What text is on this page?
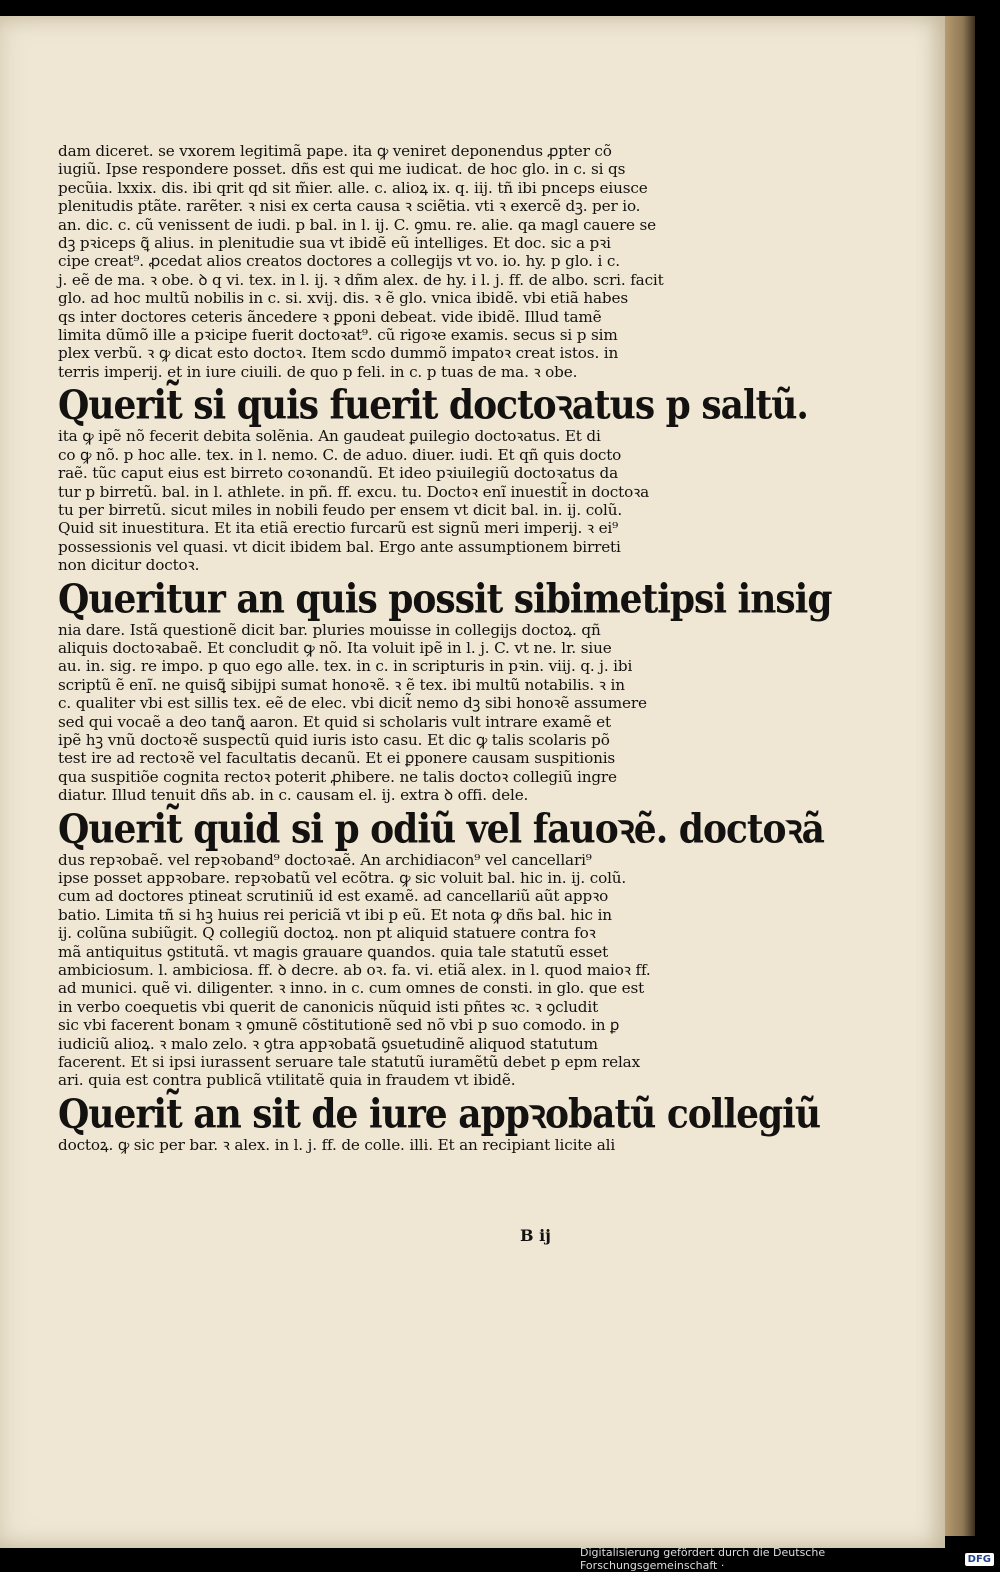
dam diceret. se vxorem legitimã pape. ita ꝙ veniret deponendus ꝓpter cõ
iugiũ. Ipse respondere posset. dñs est qui me iudicat. de hoc glo. in c. si qs
pecũia. lxxix. dis. ibi qrit qd sit m̃ier. alle. c. alioꝝ ix. q. iij. tñ ibi pnceps eiusce
plenitudis ptãte. rarẽter. ꝛ nisi ex certa causa ꝛ sciẽtia. vti ꝛ exercẽ dꝫ. per io.
an. dic. c. cũ venissent de iudi. p bal. in l. ij. C. ꝯmu. re. alie. qa magl cauere se
dꝫ pꝛiceps ꝗ̃ alius. in plenitudie sua vt ibidẽ eũ intelliges. Et doc. sic a pꝛi
cipe creat⁹. ꝓcedat alios creatos doctores a collegijs vt vo. io. hy. p glo. i c.
j. eẽ de ma. ꝛ obe. ꝺ q vi. tex. in l. ij. ꝛ dñm alex. de hy. i l. j. ff. de albo. scri. facit
glo. ad hoc multũ nobilis in c. si. xvij. dis. ꝛ ẽ glo. vnica ibidẽ. vbi etiã habes
qs inter doctores ceteris ãncedere ꝛ ꝑponi debeat. vide ibidẽ. Illud tamẽ
limita dũmõ ille a pꝛicipe fuerit doctoꝛat⁹. cũ rigoꝛe examis. secus si p sim
plex verbũ. ꝛ ꝙ dicat esto doctoꝛ. Item scdo dummõ impatoꝛ creat istos. in
terris imperij. et in iure ciuili. de quo p feli. in c. p tuas de ma. ꝛ obe.
Querit̃ si quis fuerit doctoꝛatus p saltũ.
ita ꝙ ipẽ nõ fecerit debita solẽnia. An gaudeat ꝑuilegio doctoꝛatus. Et di
co ꝙ nõ. p hoc alle. tex. in l. nemo. C. de aduo. diuer. iudi. Et qñ quis docto
raẽ. tũc caput eius est birreto coꝛonandũ. Et ideo pꝛiuilegiũ doctoꝛatus da
tur p birretũ. bal. in l. athlete. in pñ. ff. excu. tu. Doctoꝛ enĩ inuestit̃ in doctoꝛa
tu per birretũ. sicut miles in nobili feudo per ensem vt dicit bal. in. ij. colũ.
Quid sit inuestitura. Et ita etiã erectio furcarũ est signũ meri imperij. ꝛ ei⁹
possessionis vel quasi. vt dicit ibidem bal. Ergo ante assumptionem birreti
non dicitur doctoꝛ.
Queritur an quis possit sibimetipsi insig
nia dare. Istã questionẽ dicit bar. pluries mouisse in collegijs doctoꝝ. qñ
aliquis doctoꝛabaẽ. Et concludit ꝙ nõ. Ita voluit ipẽ in l. j. C. vt ne. lr. siue
au. in. sig. re impo. p quo ego alle. tex. in c. in scripturis in pꝛin. viij. q. j. ibi
scriptũ ẽ enĩ. ne quisꝗ̃ sibijpi sumat honoꝛẽ. ꝛ ẽ tex. ibi multũ notabilis. ꝛ in
c. qualiter vbi est sillis tex. eẽ de elec. vbi dicit̃ nemo dꝫ sibi honoꝛẽ assumere
sed qui vocaẽ a deo tanꝗ̃ aaron. Et quid si scholaris vult intrare examẽ et
ipẽ hꝫ vnũ doctoꝛẽ suspectũ quid iuris isto casu. Et dic ꝙ talis scolaris põ
test ire ad rectoꝛẽ vel facultatis decanũ. Et ei ꝑponere causam suspitionis
qua suspitiõe cognita rectoꝛ poterit ꝓhibere. ne talis doctoꝛ collegiũ ingre
diatur. Illud tenuit dñs ab. in c. causam el. ij. extra ꝺ offi. dele.
Querit̃ quid si p odiũ vel fauoꝛẽ. doctoꝛã
dus repꝛobaẽ. vel repꝛoband⁹ doctoꝛaẽ. An archidiacon⁹ vel cancellari⁹
ipse posset appꝛobare. repꝛobatũ vel ecõtra. ꝙ sic voluit bal. hic in. ij. colũ.
cum ad doctores ptineat scrutiniũ id est examẽ. ad cancellariũ aũt appꝛo
batio. Limita tñ si hꝫ huius rei periciã vt ibi p eũ. Et nota ꝙ dñs bal. hic in
ij. colũna subiũgit. Q collegiũ doctoꝝ. non pt aliquid statuere contra foꝛ
mã antiquitus ꝯstitutã. vt magis grauare ꝗuandos. quia tale statutũ esset
ambiciosum. l. ambiciosa. ff. ꝺ decre. ab oꝛ. fa. vi. etiã alex. in l. quod maioꝛ ff.
ad munici. quẽ vi. diligenter. ꝛ inno. in c. cum omnes de consti. in glo. que est
in verbo coequetis vbi querit de canonicis nũquid isti pñtes ꝛc. ꝛ ꝯcludit
sic vbi facerent bonam ꝛ ꝯmunẽ cõstitutionẽ sed nõ vbi p suo comodo. in ꝑ
iudiciũ alioꝝ. ꝛ malo zelo. ꝛ ꝯtra appꝛobatã ꝯsuetudinẽ aliquod statutum
facerent. Et si ipsi iurassent seruare tale statutũ iuramẽtũ debet p epm relax
ari. quia est contra publicã vtilitatẽ quia in fraudem vt ibidẽ.
Querit̃ an sit de iure appꝛobatũ collegiũ
doctoꝝ. ꝙ sic per bar. ꝛ alex. in l. j. ff. de colle. illi. Et an recipiant licite ali
B ij
Digitalisierung gefördert durch die Deutsche Forschungsgemeinschaft ·	DFG
